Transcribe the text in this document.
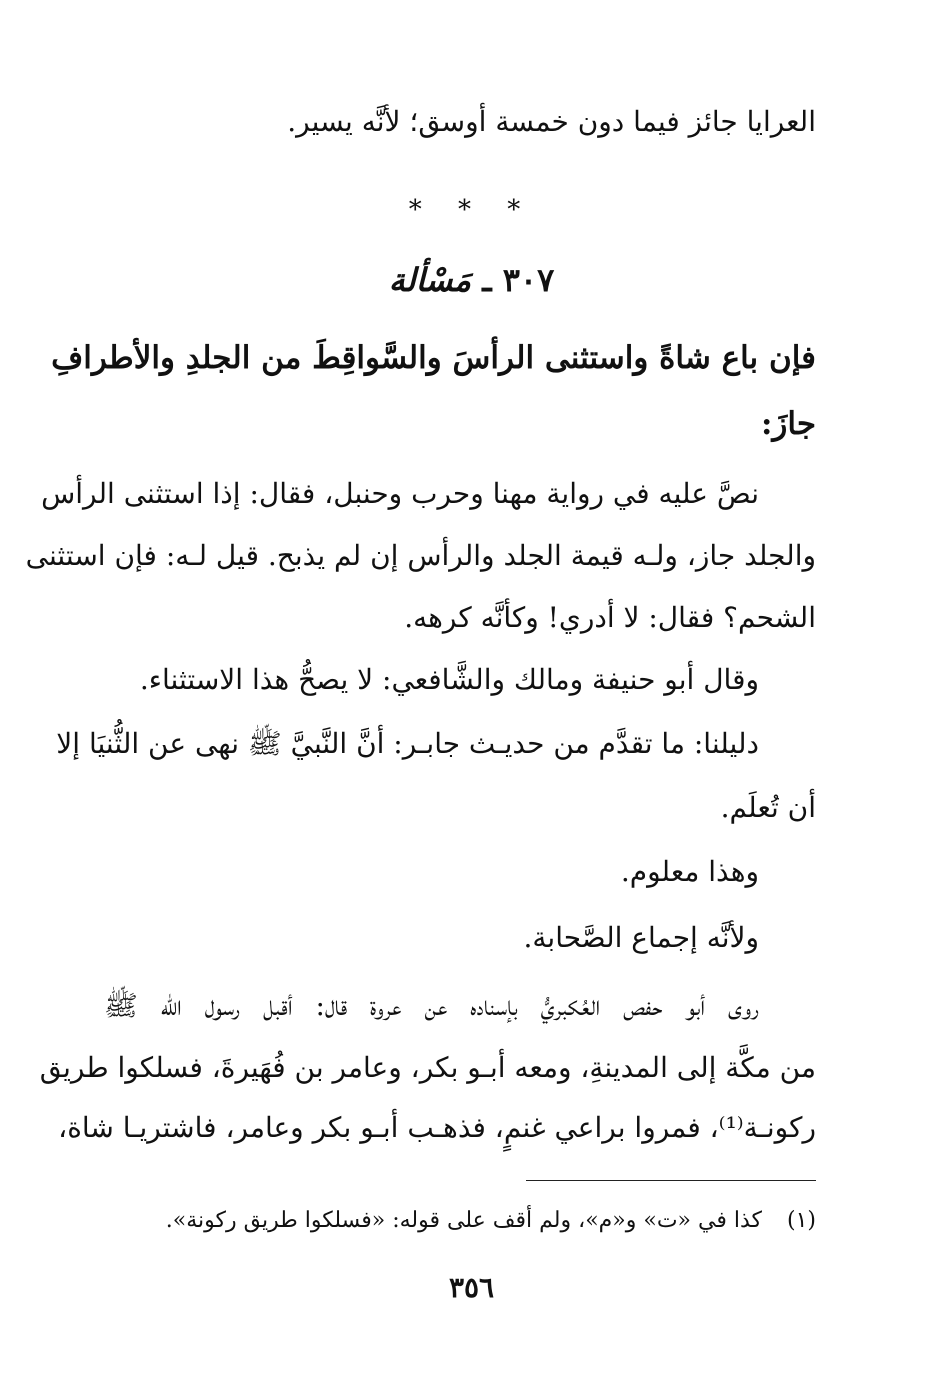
العرايا جائز فيما دون خمسة أوسق؛ لأنَّه يسير.
* * *
٣٠٧ ـ مَسْألة
فإن باع شاةً واستثنى الرأسَ والسَّواقِطَ من الجلدِ والأطرافِ
جازَ:
نصَّ عليه في رواية مهنا وحرب وحنبل، فقال: إذا استثنى الرأس
والجلد جاز، ولـه قيمة الجلد والرأس إن لم يذبح. قيل لـه: فإن استثنى
الشحم؟ فقال: لا أدري! وكأنَّه كرهه.
وقال أبو حنيفة ومالك والشَّافعي: لا يصحُّ هذا الاستثناء.
دليلنا: ما تقدَّم من حديـث جابـر: أنَّ النَّبيَّ ﷺ نهى عن الثُّنيَا إلا
أن تُعلَم.
وهذا معلوم.
ولأنَّه إجماع الصَّحابة.
روى أبو حفص العُكبريُّ بإسناده عن عروة قال: أقبل رسول الله ﷺ
من مكَّة إلى المدينةِ، ومعه أبـو بكر، وعامر بن فُهَيرةَ، فسلكوا طريق
ركونـة⁽¹⁾، فمروا براعي غنمٍ، فذهـب أبـو بكر وعامر، فاشتريـا شاة،
(١) كذا في «ت» و«م»، ولم أقف على قوله: «فسلكوا طريق ركونة».
٣٥٦
